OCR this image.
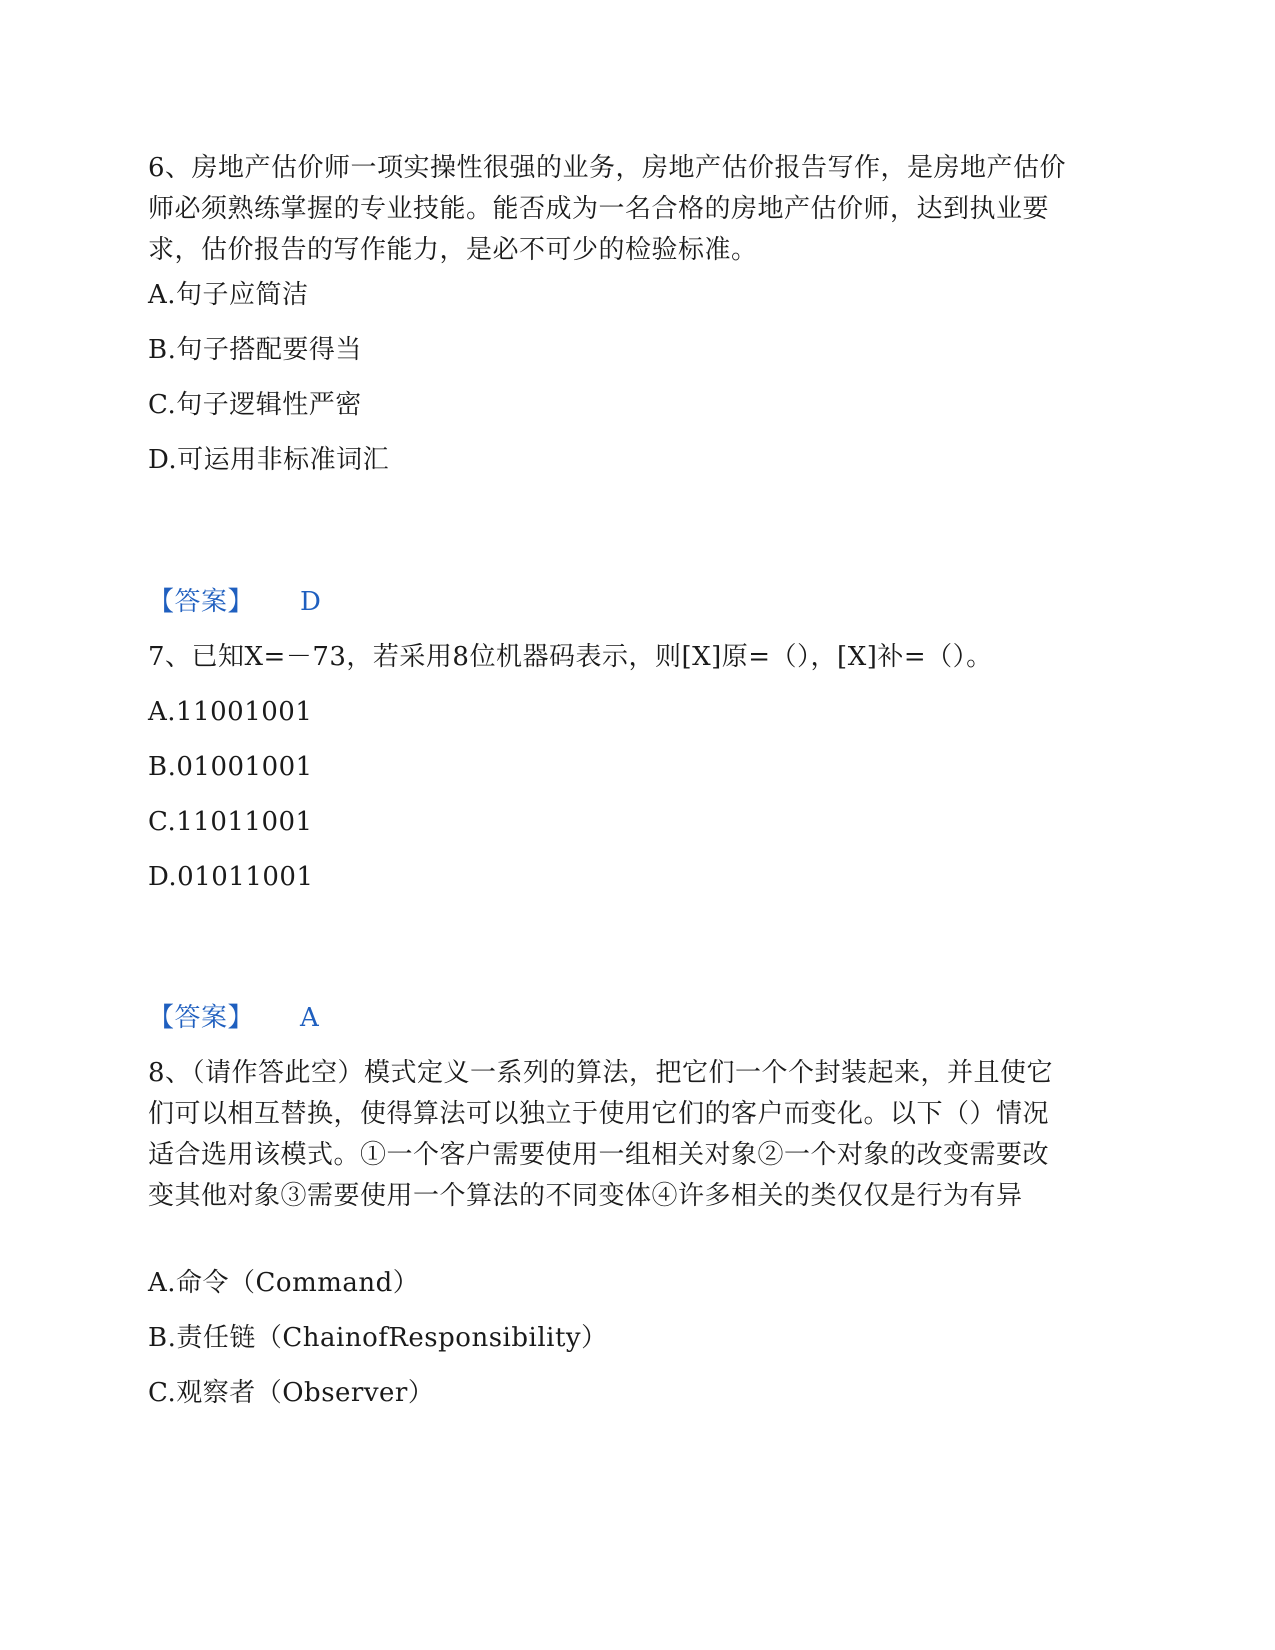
6、房地产估价师一项实操性很强的业务，房地产估价报告写作，是房地产估价师必须熟练掌握的专业技能。能否成为一名合格的房地产估价师，达到执业要求，估价报告的写作能力，是必不可少的检验标准。

A.句子应简洁

B.句子搭配要得当

C.句子逻辑性严密

D.可运用非标准词汇

【答案】 D

7、已知X=－73，若采用8位机器码表示，则[X]原=（），[X]补=（）。

A.11001001

B.01001001

C.11011001

D.01011001

【答案】 A

8、（请作答此空）模式定义一系列的算法，把它们一个个封装起来，并且使它们可以相互替换，使得算法可以独立于使用它们的客户而变化。以下（）情况适合选用该模式。①一个客户需要使用一组相关对象②一个对象的改变需要改变其他对象③需要使用一个算法的不同变体④许多相关的类仅仅是行为有异

A.命令（Command）

B.责任链（ChainofResponsibility）

C.观察者（Observer）
